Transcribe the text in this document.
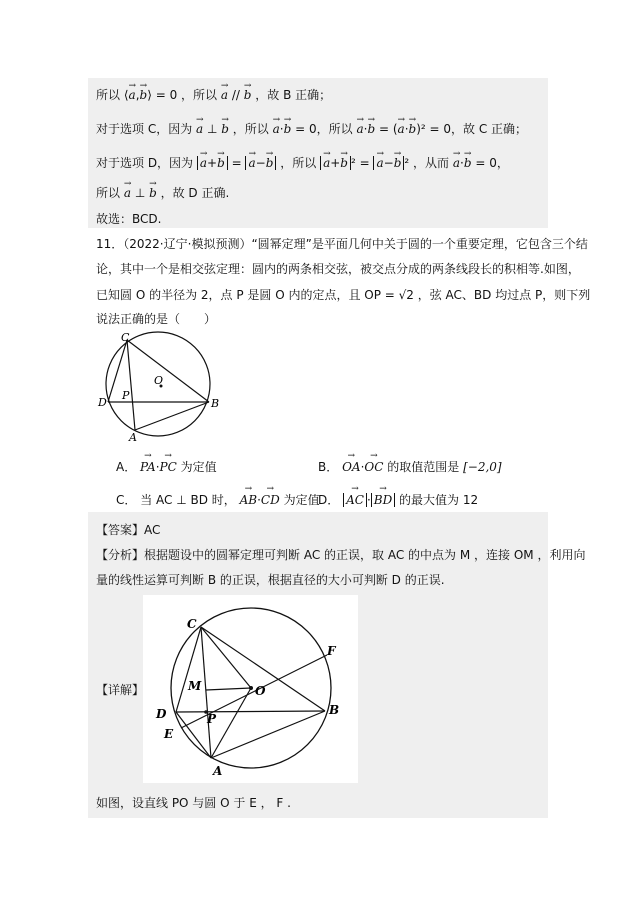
所以 ⟨→ a,→ b⟩ = 0 ，所以 → a // → b ，故 B 正确；
对于选项 C，因为 → a ⊥ → b ，所以 → a·→ b = 0，所以 → a·→ b = (→ a·→ b)² = 0，故 C 正确；
对于选项 D，因为 → a+→ b = → a−→ b ，所以 → a+→ b ² = → a−→ b ² ，从而 → a·→ b = 0，
所以 → a ⊥ → b ，故 D 正确.
故选：BCD.
11．（2022·辽宁·模拟预测）“圆幂定理”是平面几何中关于圆的一个重要定理，它包含三个结
论，其中一个是相交弦定理：圆内的两条相交弦，被交点分成的两条线段长的积相等.如图，
已知圆 O 的半径为 2，点 P 是圆 O 内的定点，且 OP = √2 ，弦 AC、BD 均过点 P，则下列
说法正确的是（　　）
C
D
P
O
B
A
A． → PA·→ PC 为定值	B． → OA·→ OC 的取值范围是 [−2,0]
C． 当 AC ⊥ BD 时， → AB·→ CD 为定值
D． → AC · → BD 的最大值为 12
【答案】AC
【分析】根据题设中的圆幂定理可判断 AC 的正误，取 AC 的中点为 M ，连接 OM ，利用向
量的线性运算可判断 B 的正误，根据直径的大小可判断 D 的正误.
【详解】
C
F
M	O
D	P
B
E
A
如图，设直线 PO 与圆 O 于 E ， F .
